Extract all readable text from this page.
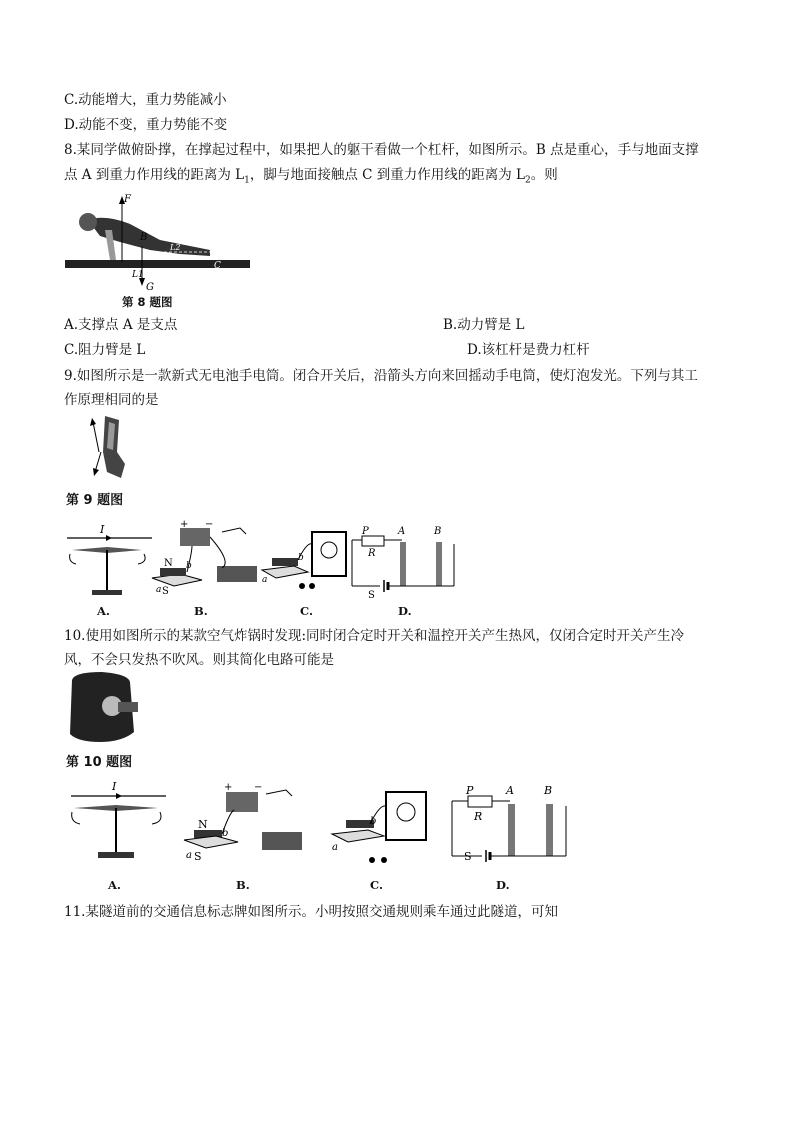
C.动能增大，重力势能减小
D.动能不变，重力势能不变
8.某同学做俯卧撑，在撑起过程中，如果把人的躯干看做一个杠杆，如图所示。B 点是重心，手与地面支撑
点 A 到重力作用线的距离为 $L_1$，脚与地面接触点 C 到重力作用线的距离为 $L_2$。则
F
B
L2
L1
C
G
第 8 题图
A.支撑点 A 是支点	B.动力臂是 L
C.阻力臂是 L	D.该杠杆是费力杠杆
9.如图所示是一款新式无电池手电筒。闭合开关后，沿箭头方向来回摇动手电筒，使灯泡发光。下列与其工
作原理相同的是
第 9 题图
I	+ −
N
S
a
b
a
b
P
R
S
A	B
A.	B.	C.	D.
10.使用如图所示的某款空气炸锅时发现:同时闭合定时开关和温控开关产生热风，仅闭合定时开关产生冷
风，不会只发热不吹风。则其简化电路可能是
第 10 题图
I	+ −
N
S
a
b
a
b
P
R
S
A	B
A.	B.	C.	D.
11.某隧道前的交通信息标志牌如图所示。小明按照交通规则乘车通过此隧道，可知
